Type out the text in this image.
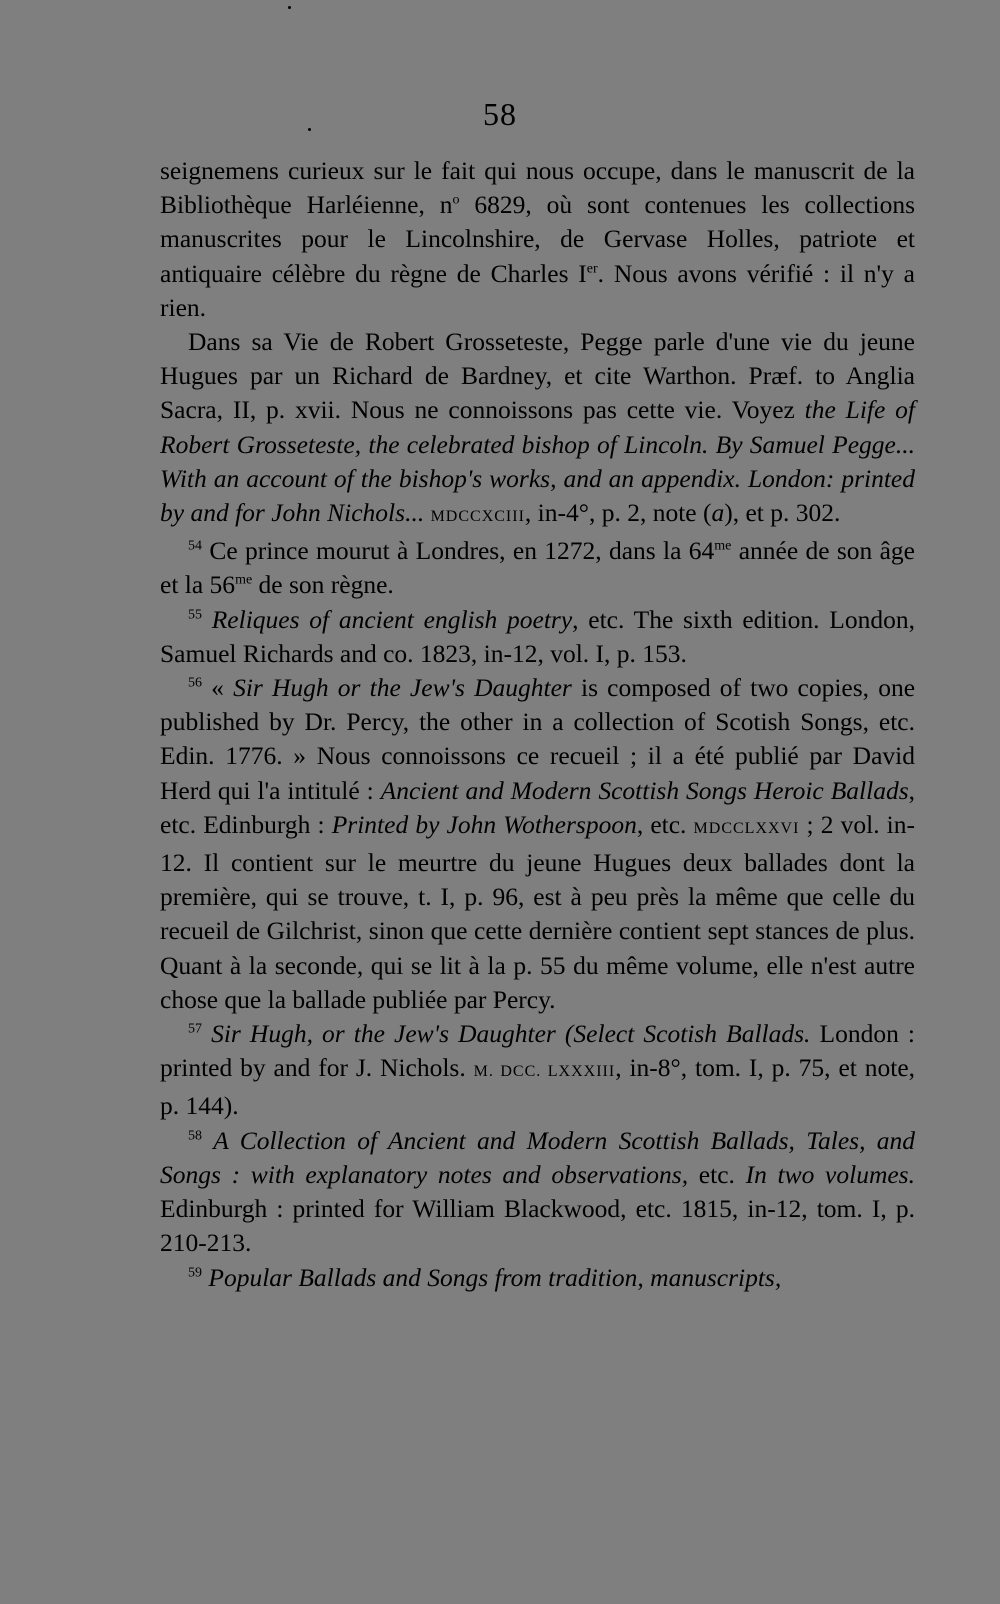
58

seignemens curieux sur le fait qui nous occupe, dans le manuscrit de la Bibliothèque Harléienne, $n^o$ 6829, où sont contenues les collections manuscrites pour le Lincolnshire, de Gervase Holles, patriote et antiquaire célèbre du règne de Charles Ier. Nous avons vérifié : il n'y a rien.

Dans sa Vie de Robert Grosseteste, Pegge parle d'une vie du jeune Hugues par un Richard de Bardney, et cite Warthon. Præf. to Anglia Sacra, II, p. xvii. Nous ne connoissons pas cette vie. Voyez the Life of Robert Grosseteste, the celebrated bishop of Lincoln. By Samuel Pegge... With an account of the bishop's works, and an appendix. London: printed by and for John Nichols... MDCCXCIII, in-4°, p. 2, note (a), et p. 302.

$^{54}$ Ce prince mourut à Londres, en 1272, dans la $64^{me}$ année de son âge et la $56^{me}$ de son règne.

$^{55}$ Reliques of ancient english poetry, etc. The sixth edition. London, Samuel Richards and co. 1823, in-12, vol. I, p. 153.

$^{56}$ « Sir Hugh or the Jew's Daughter is composed of two copies, one published by Dr. Percy, the other in a collection of Scotish Songs, etc. Edin. 1776. » Nous connoissons ce recueil ; il a été publié par David Herd qui l'a intitulé : Ancient and Modern Scottish Songs Heroic Ballads, etc. Edinburgh : Printed by John Wotherspoon, etc. MDCCLXXVI ; 2 vol. in-12. Il contient sur le meurtre du jeune Hugues deux ballades dont la première, qui se trouve, t. I, p. 96, est à peu près la même que celle du recueil de Gilchrist, sinon que cette dernière contient sept stances de plus. Quant à la seconde, qui se lit à la p. 55 du même volume, elle n'est autre chose que la ballade publiée par Percy.

$^{57}$ Sir Hugh, or the Jew's Daughter (Select Scotish Ballads. London : printed by and for J. Nichols. M. DCC. LXXXIII, in-8°, tom. I, p. 75, et note, p. 144).

$^{58}$ A Collection of Ancient and Modern Scottish Ballads, Tales, and Songs : with explanatory notes and observations, etc. In two volumes. Edinburgh : printed for William Blackwood, etc. 1815, in-12, tom. I, p. 210-213.

$^{59}$ Popular Ballads and Songs from tradition, manuscripts,
